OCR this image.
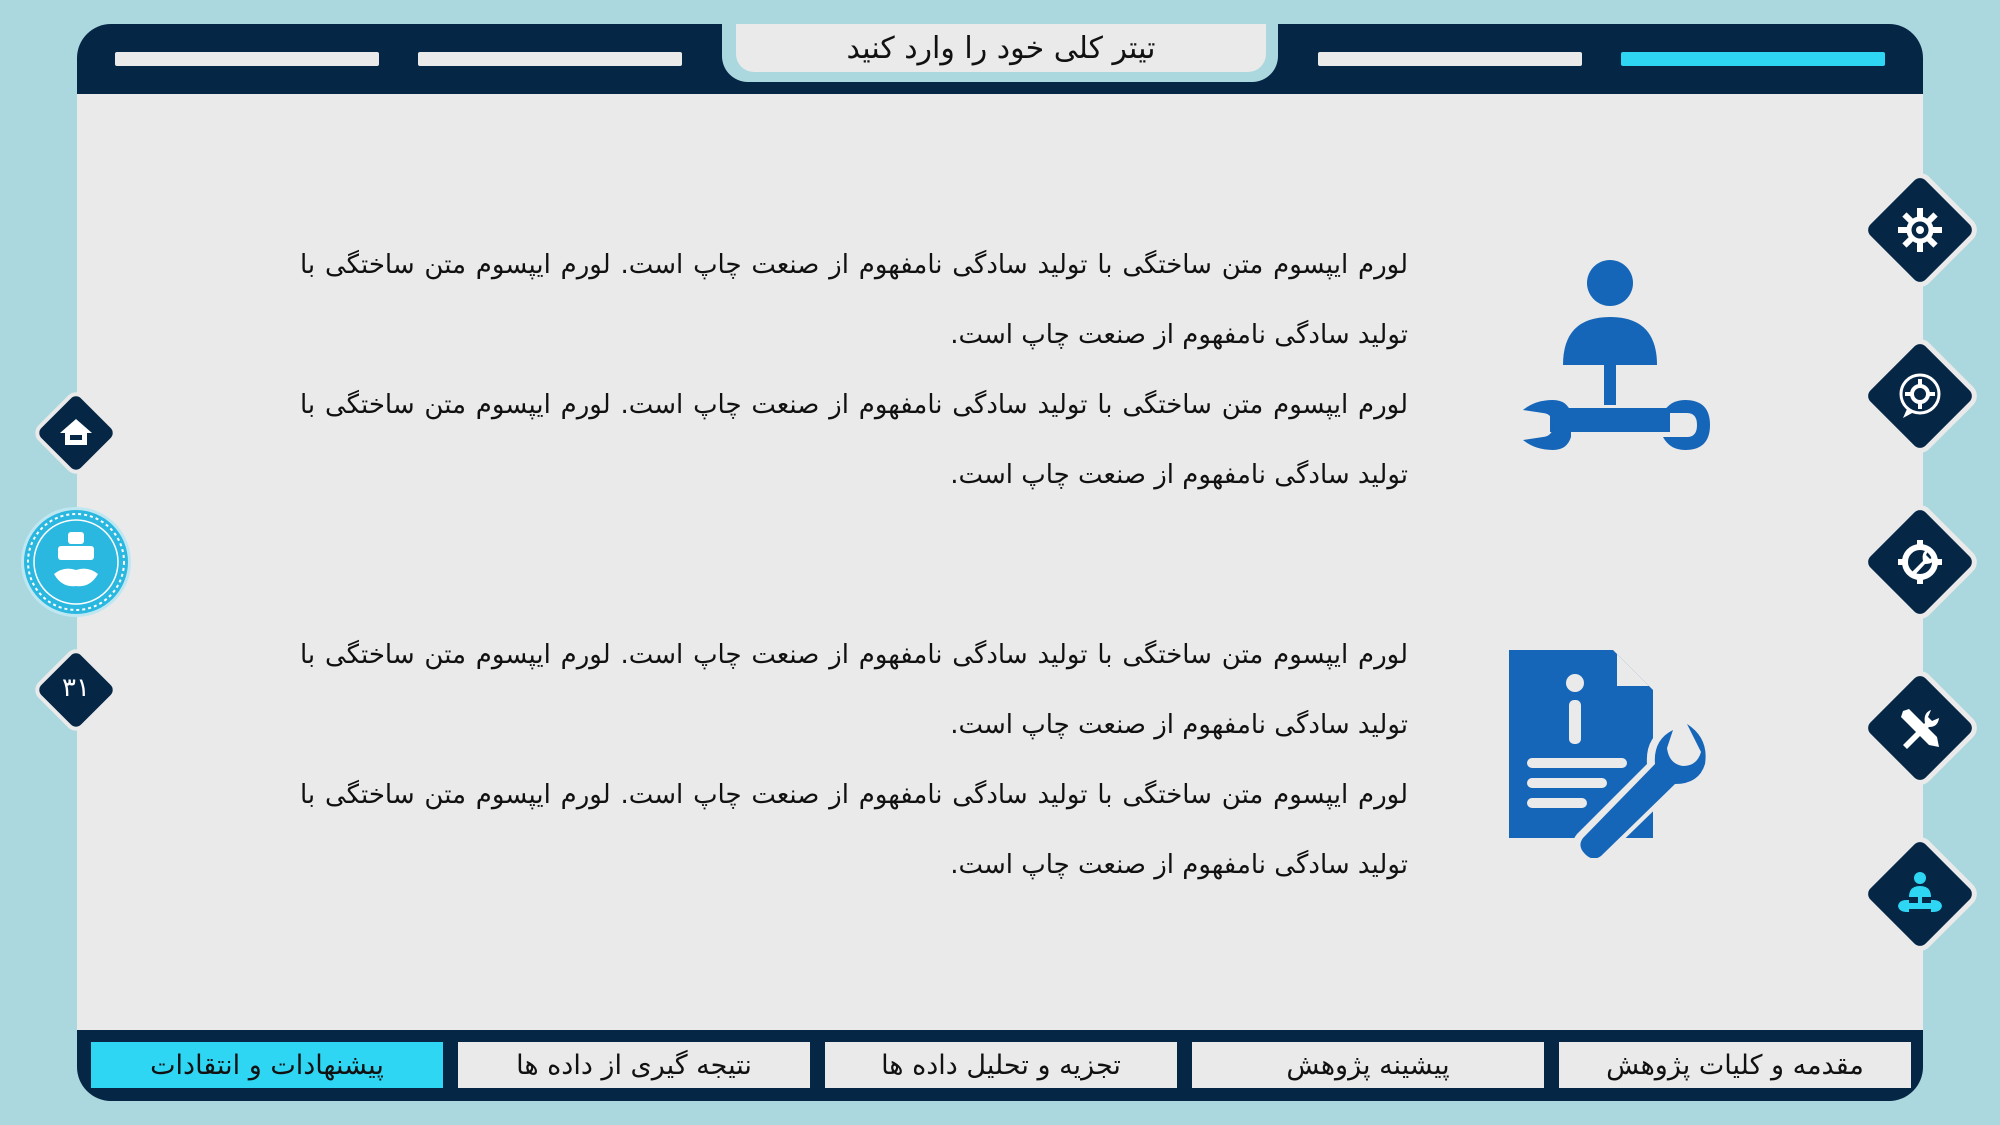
تیتر کلی خود را وارد کنید

لورم ایپسوم متن ساختگی با تولید سادگی نامفهوم از صنعت چاپ است. لورم ایپسوم متن ساختگی با تولید سادگی نامفهوم از صنعت چاپ است.

لورم ایپسوم متن ساختگی با تولید سادگی نامفهوم از صنعت چاپ است. لورم ایپسوم متن ساختگی با تولید سادگی نامفهوم از صنعت چاپ است.

لورم ایپسوم متن ساختگی با تولید سادگی نامفهوم از صنعت چاپ است. لورم ایپسوم متن ساختگی با تولید سادگی نامفهوم از صنعت چاپ است.

لورم ایپسوم متن ساختگی با تولید سادگی نامفهوم از صنعت چاپ است. لورم ایپسوم متن ساختگی با تولید سادگی نامفهوم از صنعت چاپ است.

۳۱
مقدمه و کلیات پژوهش
پیشینه پژوهش
تجزیه و تحلیل داده ها
نتیجه گیری از داده ها
پیشنهادات و انتقادات
